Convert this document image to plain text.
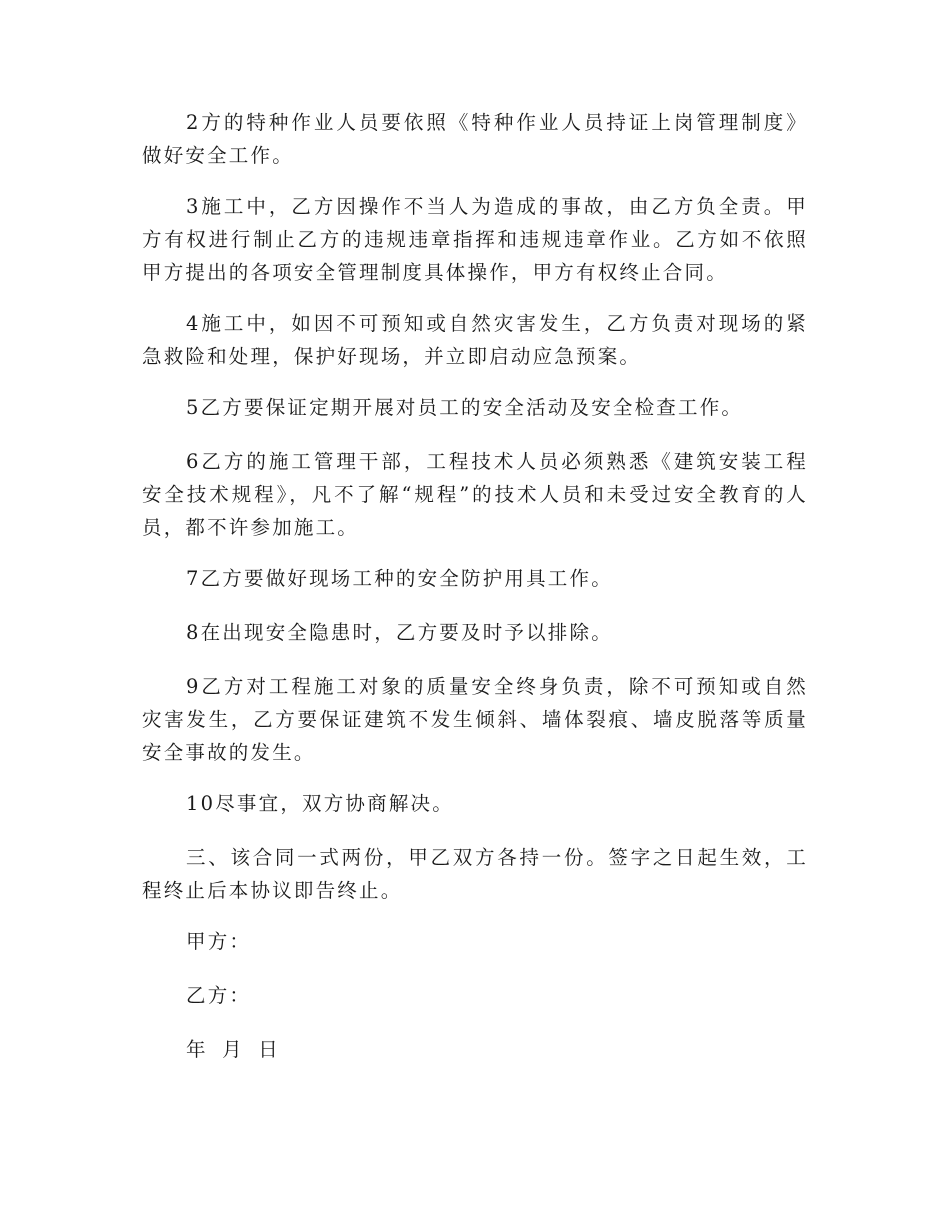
2方的特种作业人员要依照《特种作业人员持证上岗管理制度》做好安全工作。

3施工中，乙方因操作不当人为造成的事故，由乙方负全责。甲方有权进行制止乙方的违规违章指挥和违规违章作业。乙方如不依照甲方提出的各项安全管理制度具体操作，甲方有权终止合同。

4施工中，如因不可预知或自然灾害发生，乙方负责对现场的紧急救险和处理，保护好现场，并立即启动应急预案。

5乙方要保证定期开展对员工的安全活动及安全检查工作。

6乙方的施工管理干部，工程技术人员必须熟悉《建筑安装工程安全技术规程》，凡不了解“规程”的技术人员和未受过安全教育的人员，都不许参加施工。

7乙方要做好现场工种的安全防护用具工作。

8在出现安全隐患时，乙方要及时予以排除。

9乙方对工程施工对象的质量安全终身负责，除不可预知或自然灾害发生，乙方要保证建筑不发生倾斜、墙体裂痕、墙皮脱落等质量安全事故的发生。

10尽事宜，双方协商解决。

三、该合同一式两份，甲乙双方各持一份。签字之日起生效，工程终止后本协议即告终止。

甲方：

乙方：

年 月 日
